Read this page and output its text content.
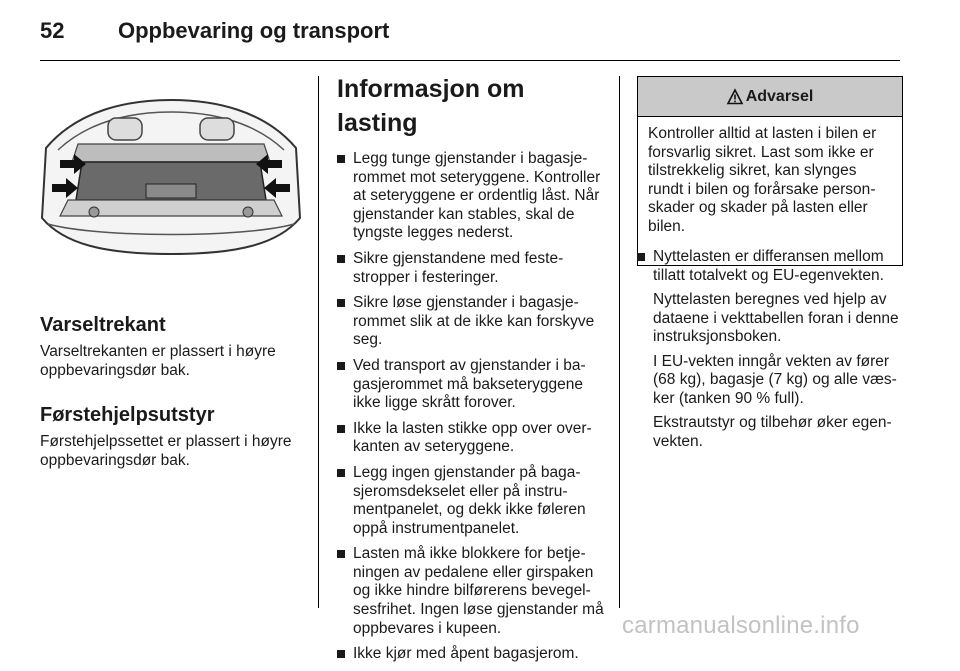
52 Oppbevaring og transport
Varseltrekant

Varseltrekanten er plassert i høyre oppbevaringsdør bak.

Førstehjelpsutstyr

Førstehjelpssettet er plassert i høyre oppbevaringsdør bak.

Informasjon om lasting
Legg tunge gjenstander i bagasjerommet mot seteryggene. Kontroller at seteryggene er ordentlig låst. Når gjenstander kan stables, skal de tyngste legges nederst.
Sikre gjenstandene med festestropper i festeringer.
Sikre løse gjenstander i bagasjerommet slik at de ikke kan forskyve seg.
Ved transport av gjenstander i bagasjerommet må bakseteryggene ikke ligge skrått forover.
Ikke la lasten stikke opp over overkanten av seteryggene.
Legg ingen gjenstander på bagasjeromsdekselet eller på instrumentpanelet, og dekk ikke føleren oppå instrumentpanelet.
Lasten må ikke blokkere for betjeningen av pedalene eller girspaken og ikke hindre bilførerens bevegelsesfrihet. Ingen løse gjenstander må oppbevares i kupeen.
Ikke kjør med åpent bagasjerom.
Advarsel
Kontroller alltid at lasten i bilen er forsvarlig sikret. Last som ikke er tilstrekkelig sikret, kan slynges rundt i bilen og forårsake personskader og skader på lasten eller bilen.
Nyttelasten er differansen mellom tillatt totalvekt og EU-egenvekten.

Nyttelasten beregnes ved hjelp av dataene i vekttabellen foran i denne instruksjonsboken.

I EU-vekten inngår vekten av fører (68 kg), bagasje (7 kg) og alle væsker (tanken 90 % full).

Ekstrautstyr og tilbehør øker egenvekten.

carmanualsonline.info
